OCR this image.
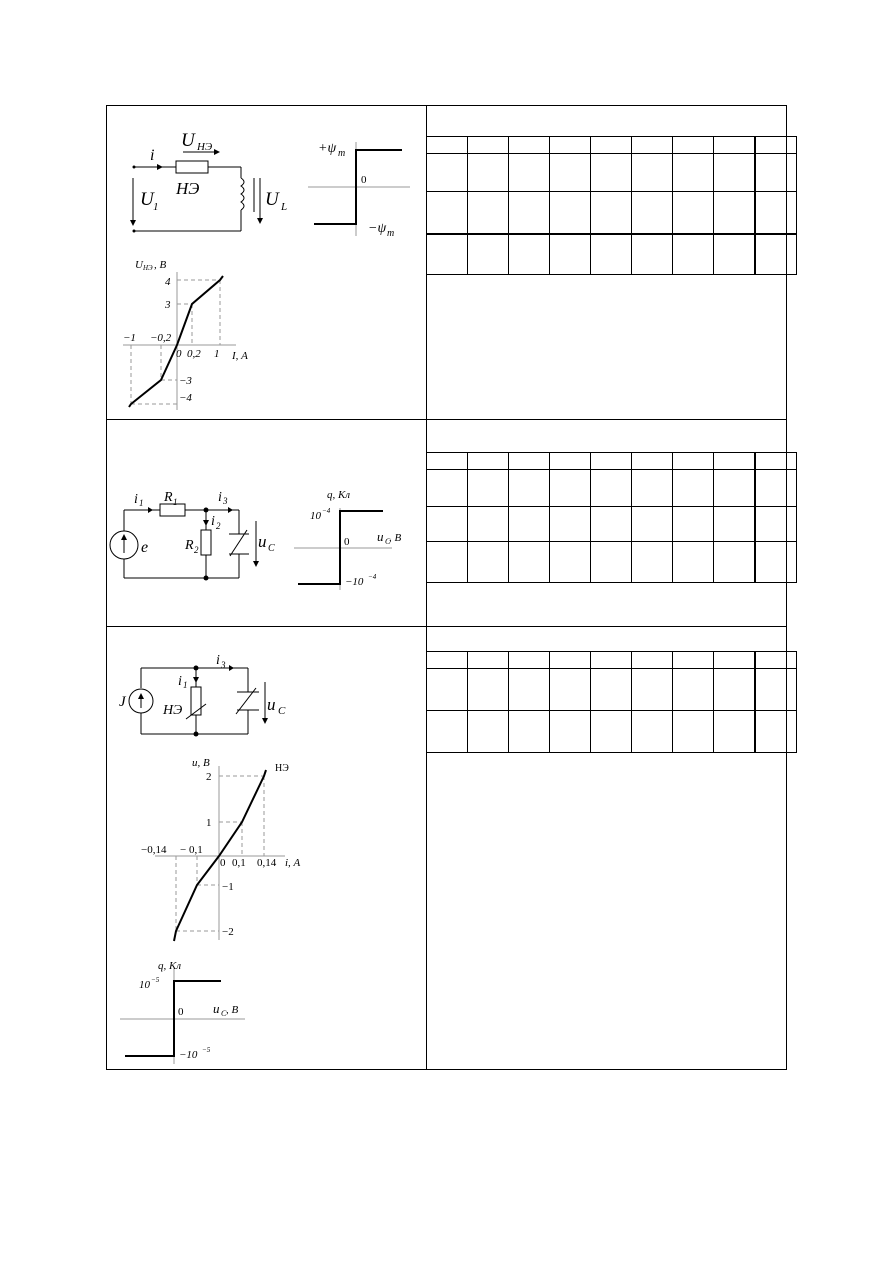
i
U НЭ
НЭ
U 1	U L
+ψ m
0
−ψ m
U НЭ , В
4
3
−3
−4
−1 −0,2
0 0,2 1 I, А
i 1 R 1	i 3
i 2
R 2
e	u C
q, Кл
10 −4
u C
, В
0
−10 −4
J
i 1
i 3
НЭ	u C
u, В	НЭ
2
1
−1
−2
−0,14 − 0,1
0 0,1 0,14 i, А
q, Кл
10 −5
u C , В
0
−10 −5
